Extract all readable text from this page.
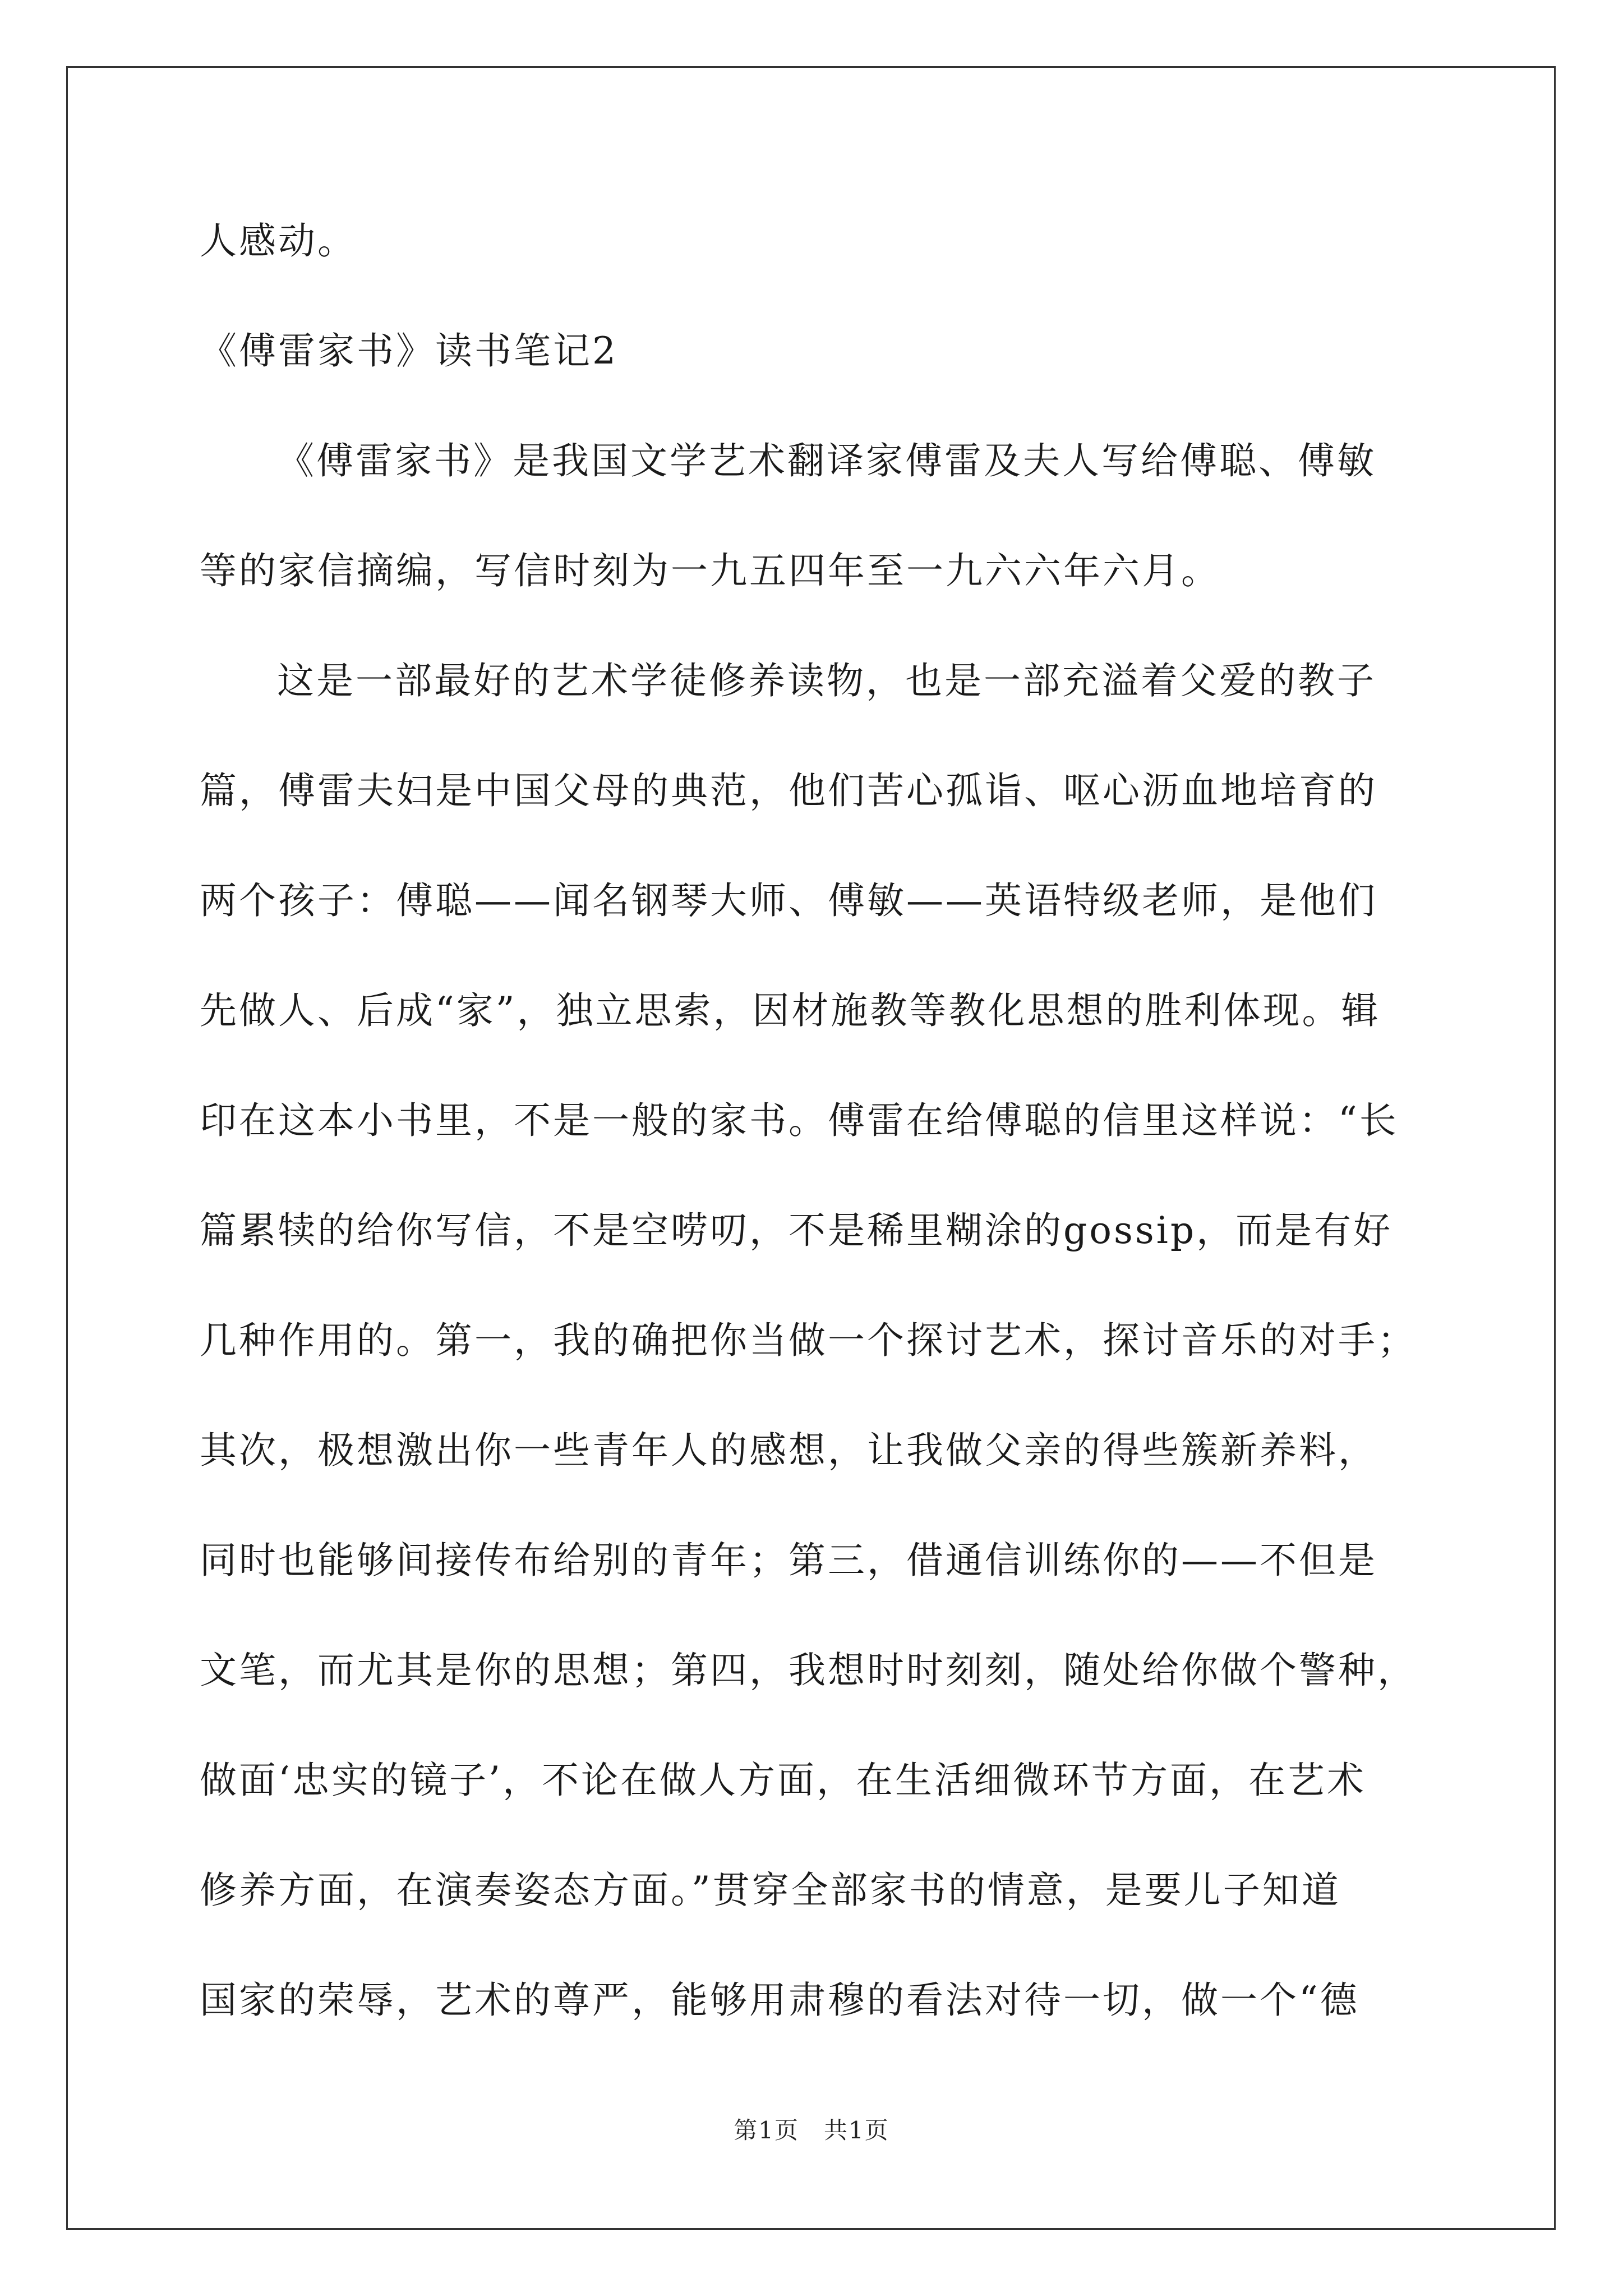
人感动。
《傅雷家书》读书笔记2
《傅雷家书》是我国文学艺术翻译家傅雷及夫人写给傅聪、傅敏
等的家信摘编，写信时刻为一九五四年至一九六六年六月。
这是一部最好的艺术学徒修养读物，也是一部充溢着父爱的教子
篇，傅雷夫妇是中国父母的典范，他们苦心孤诣、呕心沥血地培育的
两个孩子：傅聪——闻名钢琴大师、傅敏——英语特级老师，是他们
先做人、后成“家”，独立思索，因材施教等教化思想的胜利体现。辑
印在这本小书里，不是一般的家书。傅雷在给傅聪的信里这样说：“长
篇累犊的给你写信，不是空唠叨，不是稀里糊涂的gossip，而是有好
几种作用的。第一，我的确把你当做一个探讨艺术，探讨音乐的对手；
其次，极想激出你一些青年人的感想，让我做父亲的得些簇新养料，
同时也能够间接传布给别的青年；第三，借通信训练你的——不但是
文笔，而尤其是你的思想；第四，我想时时刻刻，随处给你做个警种，
做面‘忠实的镜子’，不论在做人方面，在生活细微环节方面，在艺术
修养方面，在演奏姿态方面。”贯穿全部家书的情意，是要儿子知道
国家的荣辱，艺术的尊严，能够用肃穆的看法对待一切，做一个“德
第1页　共1页
